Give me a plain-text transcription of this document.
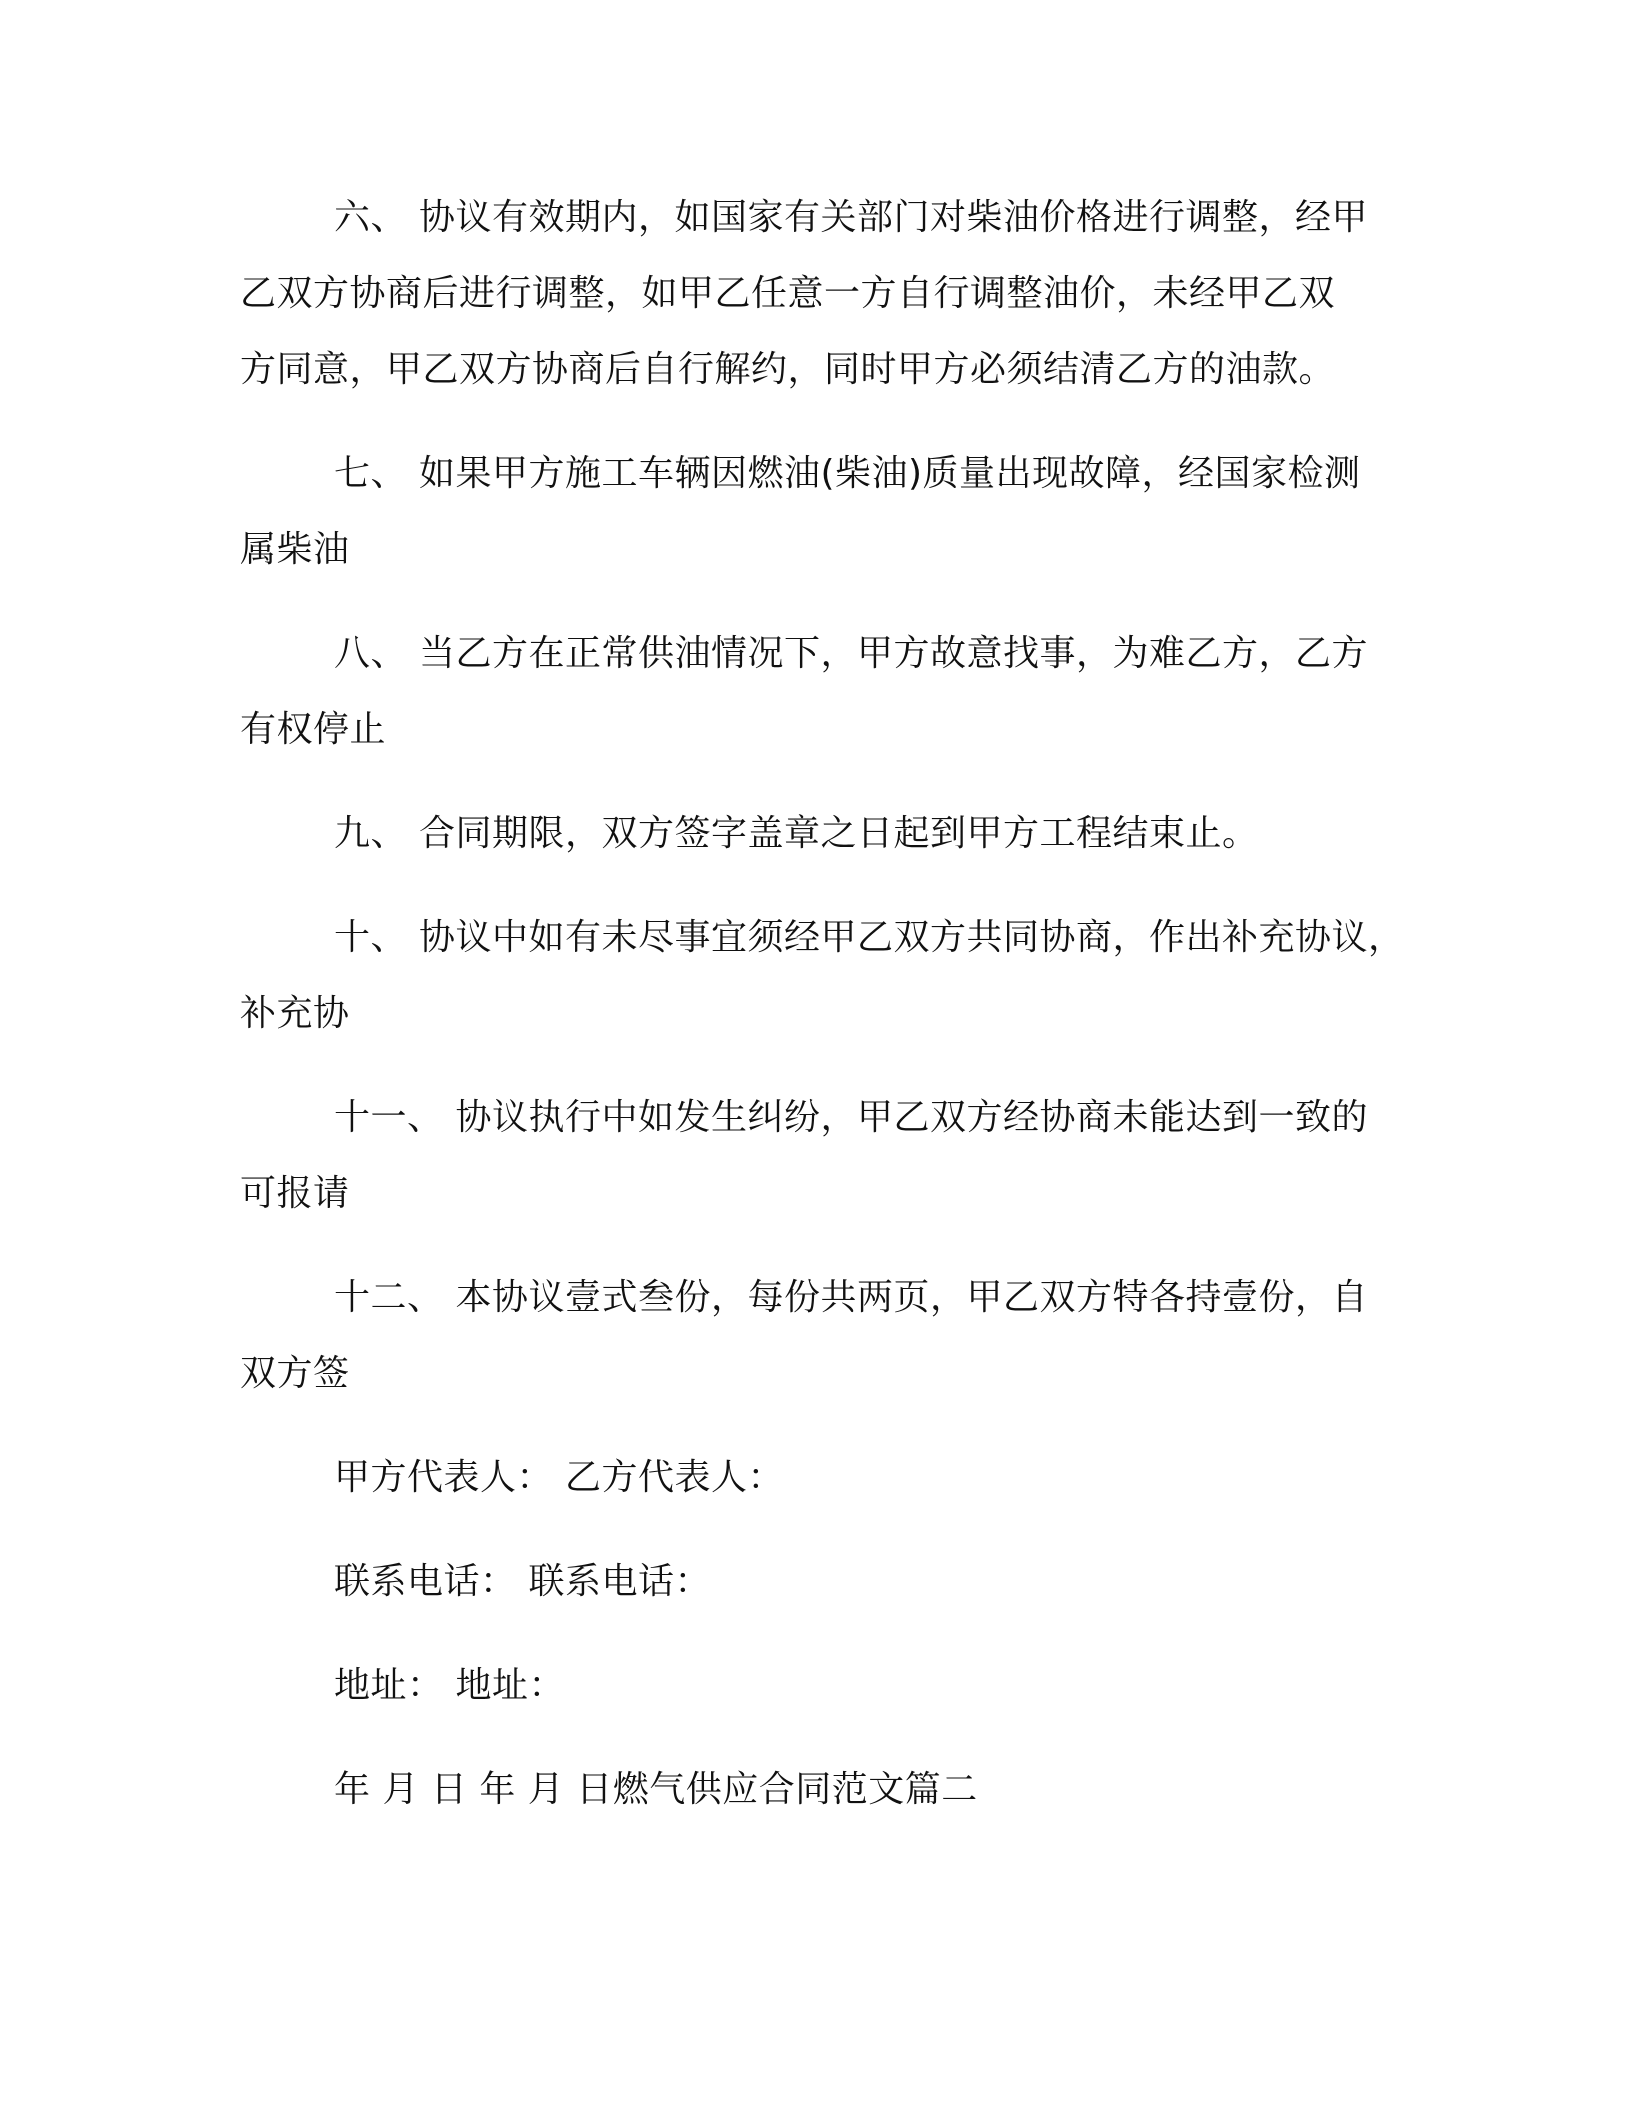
六、 协议有效期内，如国家有关部门对柴油价格进行调整，经甲
乙双方协商后进行调整，如甲乙任意一方自行调整油价，未经甲乙双
方同意，甲乙双方协商后自行解约，同时甲方必须结清乙方的油款。
七、 如果甲方施工车辆因燃油(柴油)质量出现故障，经国家检测
属柴油
八、 当乙方在正常供油情况下，甲方故意找事，为难乙方，乙方
有权停止
九、 合同期限，双方签字盖章之日起到甲方工程结束止。
十、 协议中如有未尽事宜须经甲乙双方共同协商，作出补充协议，
补充协
十一、 协议执行中如发生纠纷，甲乙双方经协商未能达到一致的
可报请
十二、 本协议壹式叁份，每份共两页，甲乙双方特各持壹份，自
双方签
甲方代表人： 乙方代表人：
联系电话： 联系电话：
地址： 地址：
年 月 日 年 月 日燃气供应合同范文篇二
